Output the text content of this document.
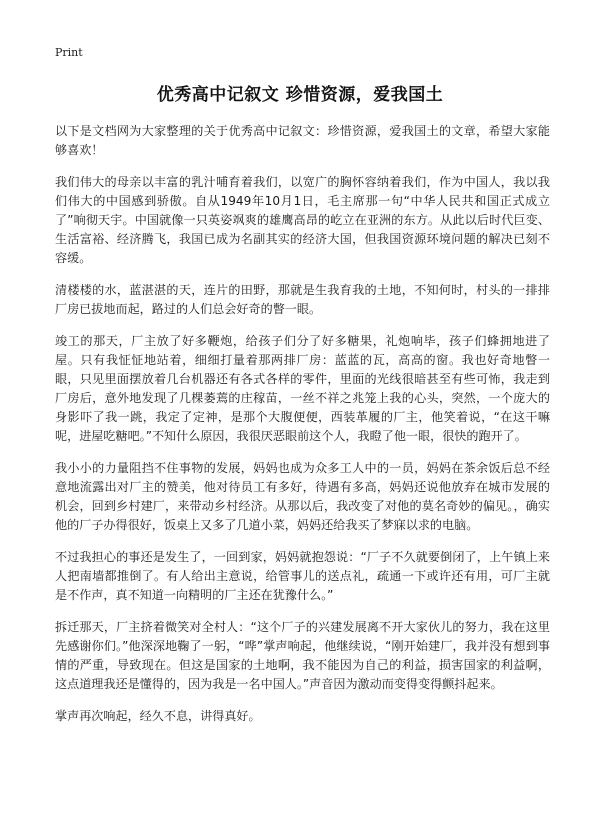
Print
优秀高中记叙文 珍惜资源，爱我国土

以下是文档网为大家整理的关于优秀高中记叙文：珍惜资源，爱我国土的文章，希望大家能够喜欢！

我们伟大的母亲以丰富的乳汁哺育着我们，以宽广的胸怀容纳着我们，作为中国人，我以我们伟大的中国感到骄傲。自从1949年10月1日，毛主席那一句“中华人民共和国正式成立了”响彻天宇。中国就像一只英姿飒爽的雄鹰高昂的屹立在亚洲的东方。从此以后时代巨变、生活富裕、经济腾飞，我国已成为名副其实的经济大国，但我国资源环境问题的解决已刻不容缓。

清楼楼的水，蓝湛湛的天，连片的田野，那就是生我育我的土地，不知何时，村头的一排排厂房已拔地而起，路过的人们总会好奇的瞥一眼。

竣工的那天，厂主放了好多鞭炮，给孩子们分了好多糖果，礼炮响毕，孩子们蜂拥地进了屋。只有我怔怔地站着，细细打量着那两排厂房：蓝蓝的瓦，高高的窗。我也好奇地瞥一眼，只见里面摆放着几台机器还有各式各样的零件，里面的光线很暗甚至有些可怖，我走到厂房后，意外地发现了几棵萎蔫的庄稼苗，一丝不祥之兆笼上我的心头，突然，一个庞大的身影吓了我一跳，我定了定神，是那个大腹便便，西装革履的厂主，他笑着说，“在这干嘛呢，进屋吃糖吧。”不知什么原因，我很厌恶眼前这个人，我瞪了他一眼，很快的跑开了。

我小小的力量阻挡不住事物的发展，妈妈也成为众多工人中的一员，妈妈在茶余饭后总不经意地流露出对厂主的赞美，他对待员工有多好，待遇有多高，妈妈还说他放弃在城市发展的机会，回到乡村建厂，来带动乡村经济。从那以后，我改变了对他的莫名奇妙的偏见。，确实他的厂子办得很好，饭桌上又多了几道小菜，妈妈还给我买了梦寐以求的电脑。

不过我担心的事还是发生了，一回到家，妈妈就抱怨说：“厂子不久就要倒闭了，上午镇上来人把南墙都推倒了。有人给出主意说，给管事儿的送点礼，疏通一下或许还有用，可厂主就是不作声，真不知道一向精明的厂主还在犹豫什么。”

拆迁那天，厂主挤着微笑对全村人：“这个厂子的兴建发展离不开大家伙儿的努力，我在这里先感谢你们。”他深深地鞠了一躬，“哗”掌声响起，他继续说，“刚开始建厂，我并没有想到事情的严重，导致现在。但这是国家的土地啊，我不能因为自己的利益，损害国家的利益啊，这点道理我还是懂得的，因为我是一名中国人。”声音因为激动而变得变得颤抖起来。

掌声再次响起，经久不息，讲得真好。
